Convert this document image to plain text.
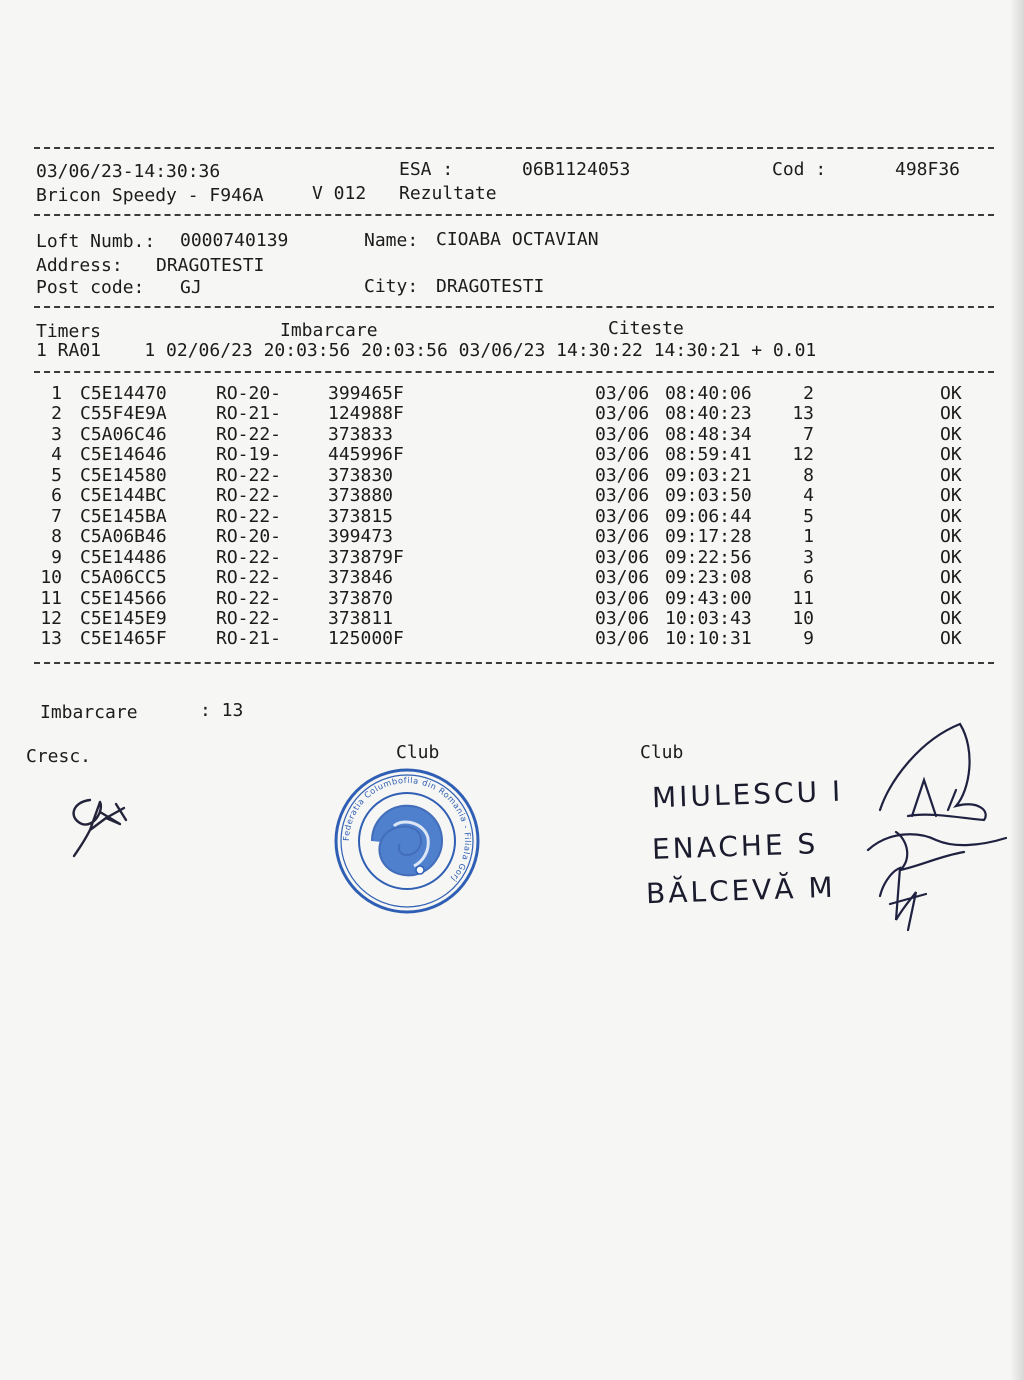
03/06/23-14:30:36	ESA :	06B1124053	Cod :	498F36
Bricon Speedy - F946A	V 012 Rezultate
Loft Numb.: 0000740139	Name: CIOABA OCTAVIAN
Address: DRAGOTESTI
Post code: GJ	City: DRAGOTESTI
Timers	Imbarcare	Citeste
1 RA01    1 02/06/23 20:03:56 20:03:56 03/06/23 14:30:22 14:30:21 + 0.01
1 C5E14470	RO-20-	399465F	03/06 08:40:06	2	OK
2 C55F4E9A	RO-21-	124988F	03/06 08:40:23	13	OK
3 C5A06C46	RO-22-	373833	03/06 08:48:34	7	OK
4 C5E14646	RO-19-	445996F	03/06 08:59:41	12	OK
5 C5E14580	RO-22-	373830	03/06 09:03:21	8	OK
6 C5E144BC	RO-22-	373880	03/06 09:03:50	4	OK
7 C5E145BA	RO-22-	373815	03/06 09:06:44	5	OK
8 C5A06B46	RO-20-	399473	03/06 09:17:28	1	OK
9 C5E14486	RO-22-	373879F	03/06 09:22:56	3	OK
10 C5A06CC5	RO-22-	373846	03/06 09:23:08	6	OK
11 C5E14566	RO-22-	373870	03/06 09:43:00	11	OK
12 C5E145E9	RO-22-	373811	03/06 10:03:43	10	OK
13 C5E1465F	RO-21-	125000F	03/06 10:10:31	9	OK
Imbarcare	: 13
Cresc.	Club	Club
Federatia Columbofila din Romania - Filiala Gorj
MIULESCU I
ENACHE S
BĂLCEVĂ M
